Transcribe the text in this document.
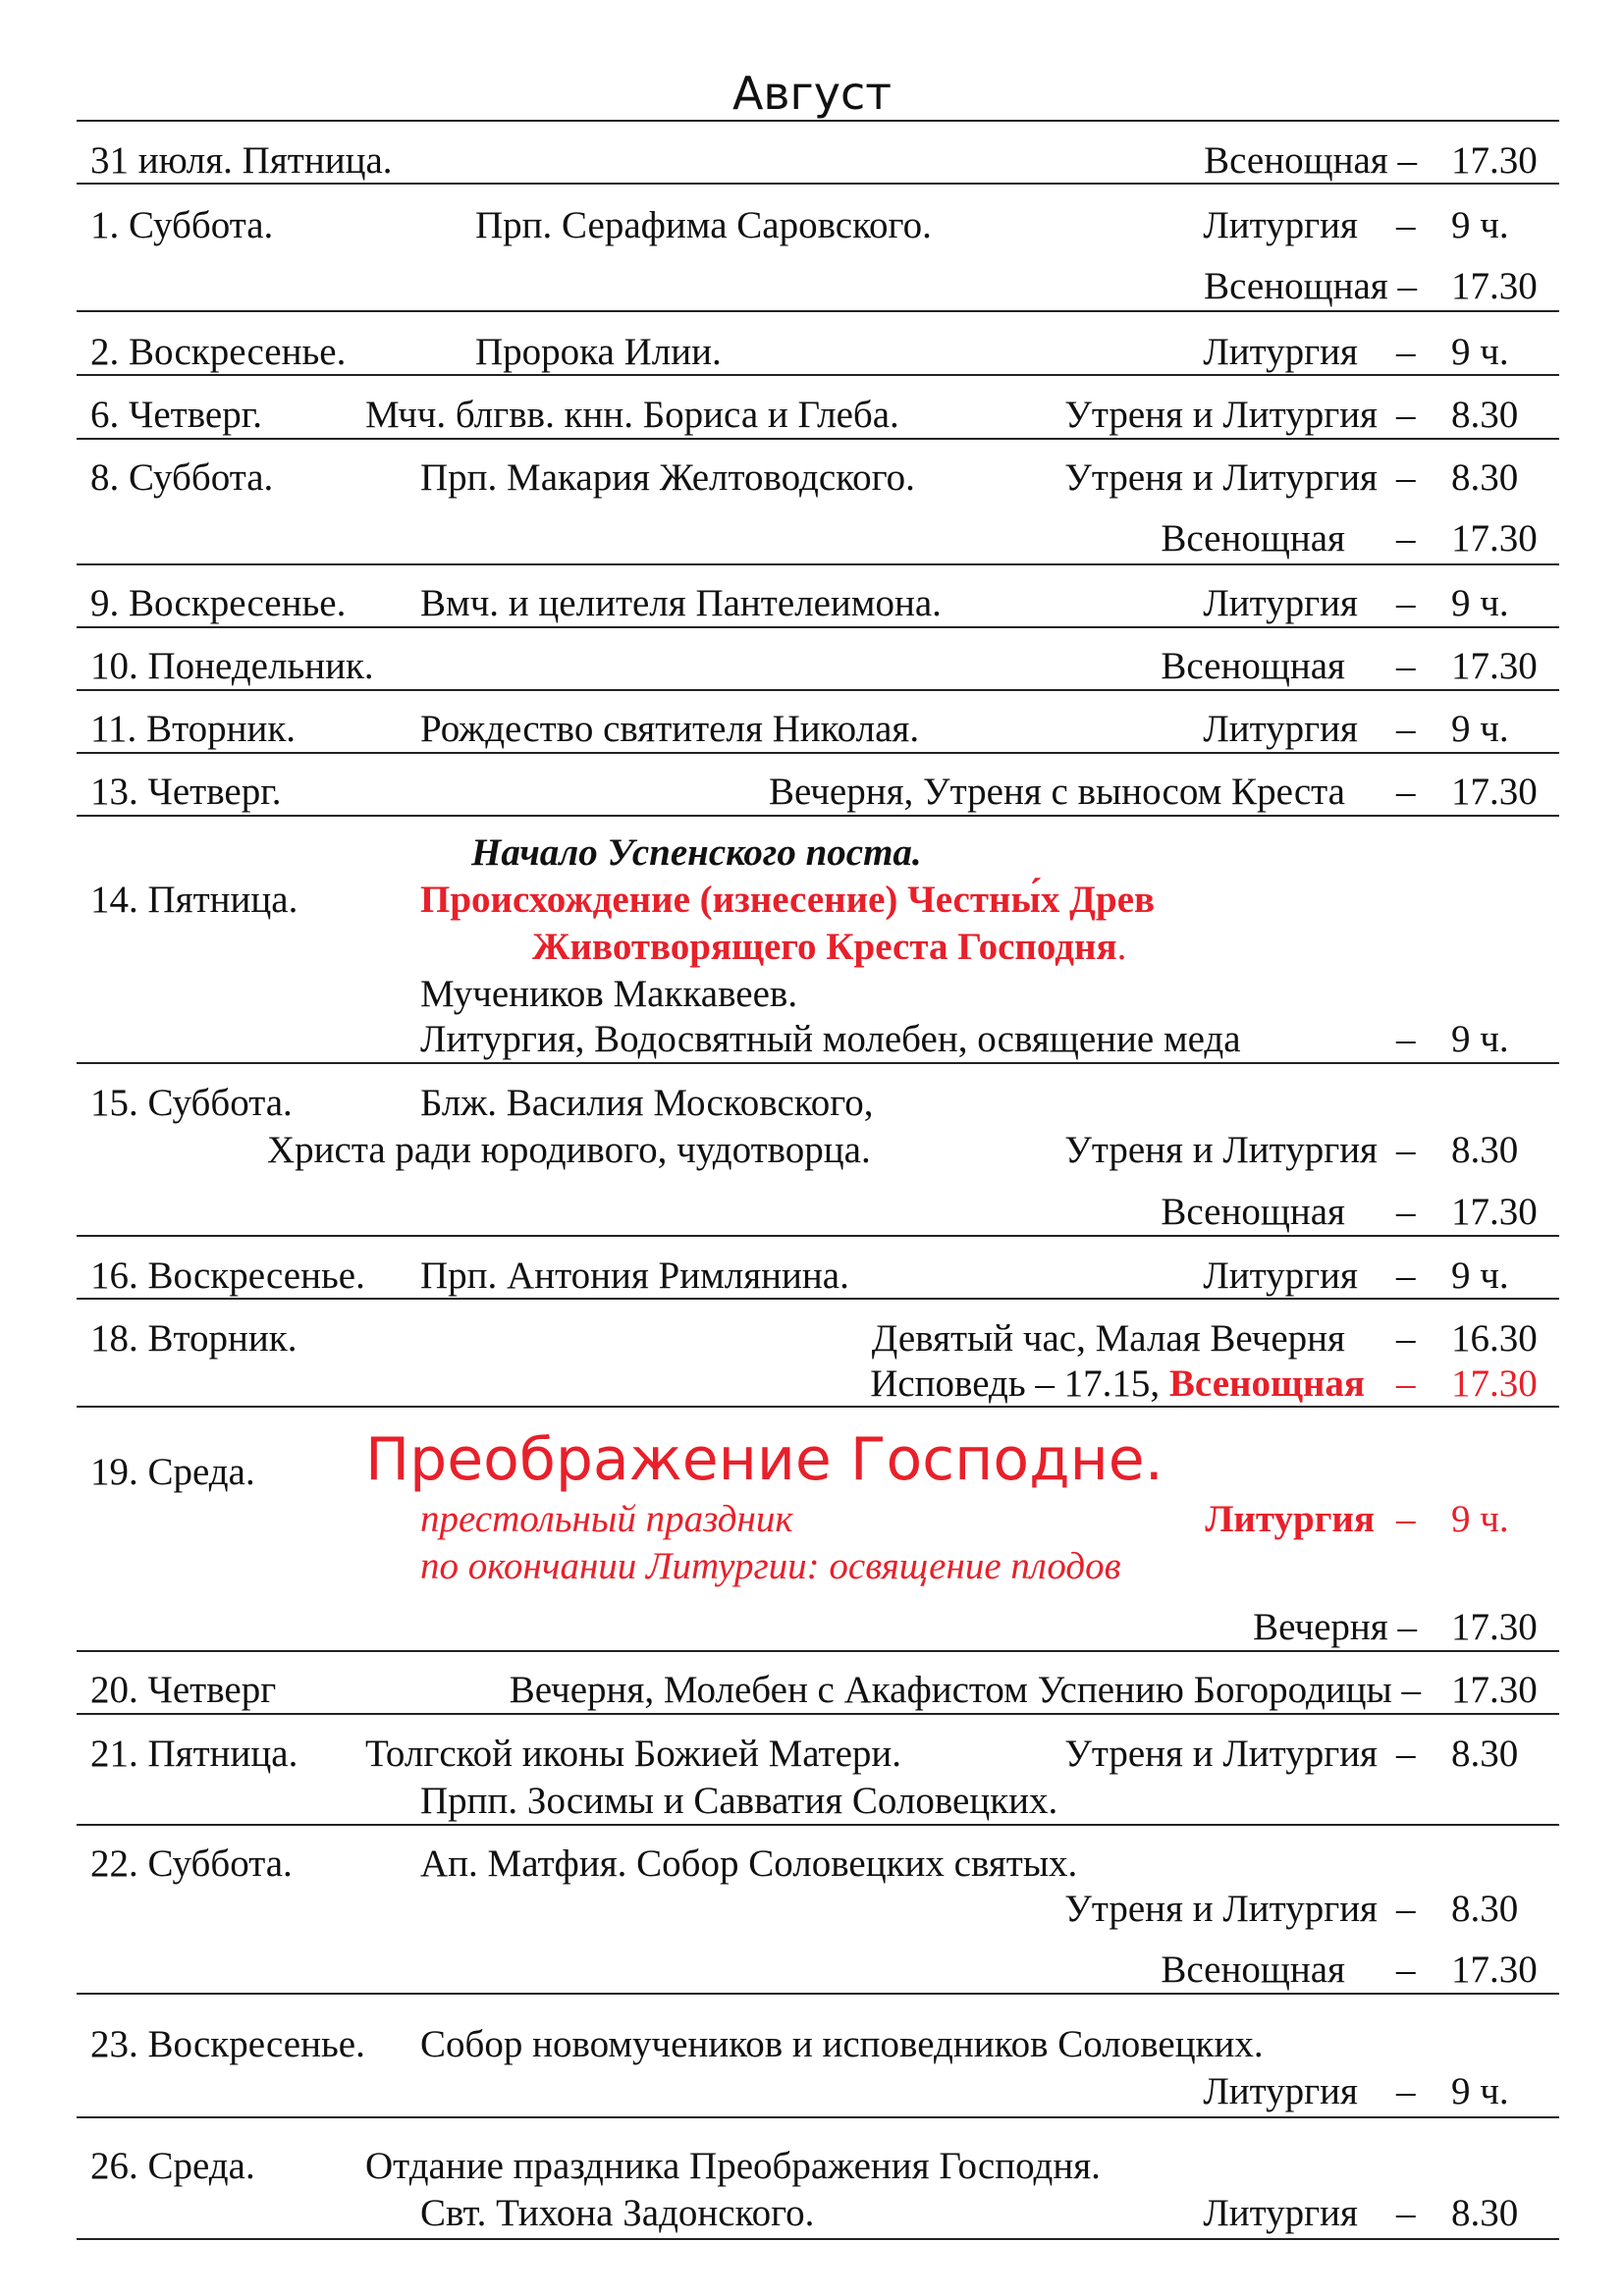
Август
31 июля. Пятница.	Всенощная – 17.30
1. Суббота.	Прп. Серафима Саровского.	Литургия – 9 ч.
Всенощная – 17.30
2. Воскресенье.	Пророка Илии.	Литургия – 9 ч.
6. Четверг.	Мчч. блгвв. кнн. Бориса и Глеба.	Утреня и Литургия – 8.30
8. Суббота.	Прп. Макария Желтоводского.	Утреня и Литургия – 8.30
Всенощная – 17.30
9. Воскресенье. Вмч. и целителя Пантелеимона.	Литургия – 9 ч.
10. Понедельник.	Всенощная – 17.30
11. Вторник.	Рождество святителя Николая.	Литургия – 9 ч.
13. Четверг.	Вечерня, Утреня с выносом Креста – 17.30
Начало Успенского поста.
14. Пятница.	Происхождение (изнесение) Честны́х Древ
Животворящего Креста Господня.
Мучеников Маккавеев.
Литургия, Водосвятный молебен, освящение меда	– 9 ч.
15. Суббота.	Блж. Василия Московского,
Христа ради юродивого, чудотворца.	Утреня и Литургия – 8.30
Всенощная – 17.30
16. Воскресенье. Прп. Антония Римлянина.	Литургия – 9 ч.
18. Вторник.	Девятый час, Малая Вечерня – 16.30
Исповедь – 17.15, Всенощная – 17.30
19. Среда. Преображение Господне.
престольный праздник	Литургия – 9 ч.
по окончании Литургии: освящение плодов
Вечерня – 17.30
20. Четверг	Вечерня, Молебен с Акафистом Успению Богородицы – 17.30
21. Пятница. Толгской иконы Божией Матери.	Утреня и Литургия – 8.30
Прпп. Зосимы и Савватия Соловецких.
22. Суббота.	Ап. Матфия. Собор Соловецких святых.
Утреня и Литургия – 8.30
Всенощная – 17.30
23. Воскресенье. Собор новомучеников и исповедников Соловецких.
Литургия – 9 ч.
26. Среда.	Отдание праздника Преображения Господня.
Свт. Тихона Задонского.	Литургия – 8.30
